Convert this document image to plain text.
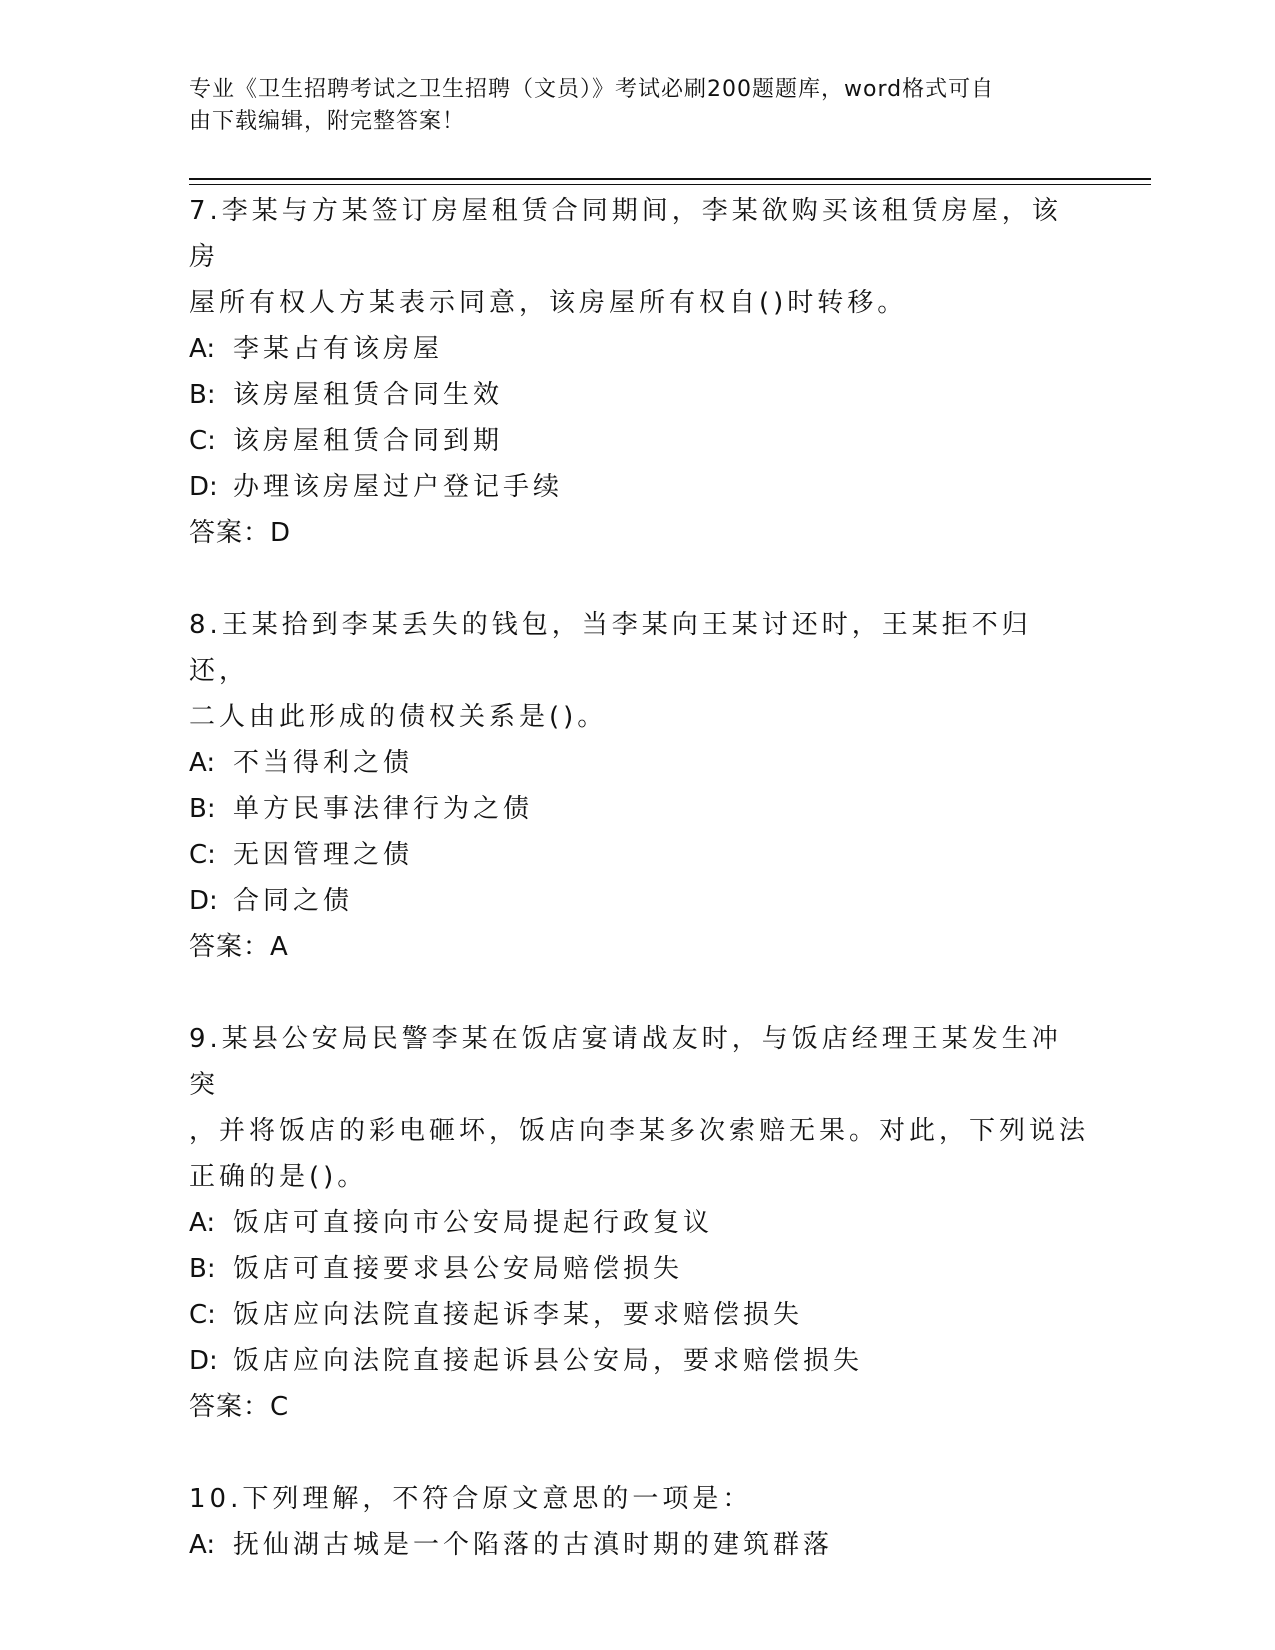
专业《卫生招聘考试之卫生招聘（文员）》考试必刷200题题库，word格式可自
由下载编辑，附完整答案！

7.李某与方某签订房屋租赁合同期间，李某欲购买该租赁房屋，该房

屋所有权人方某表示同意，该房屋所有权自()时转移。

A: 李某占有该房屋
B: 该房屋租赁合同生效
C: 该房屋租赁合同到期
D: 办理该房屋过户登记手续

答案：D

8.王某拾到李某丢失的钱包，当李某向王某讨还时，王某拒不归还，

二人由此形成的债权关系是()。

A: 不当得利之债
B: 单方民事法律行为之债
C: 无因管理之债
D: 合同之债

答案：A

9.某县公安局民警李某在饭店宴请战友时，与饭店经理王某发生冲突

，并将饭店的彩电砸坏，饭店向李某多次索赔无果。对此，下列说法

正确的是()。

A: 饭店可直接向市公安局提起行政复议
B: 饭店可直接要求县公安局赔偿损失
C: 饭店应向法院直接起诉李某，要求赔偿损失
D: 饭店应向法院直接起诉县公安局，要求赔偿损失

答案：C

10.下列理解，不符合原文意思的一项是：

A: 抚仙湖古城是一个陷落的古滇时期的建筑群落
